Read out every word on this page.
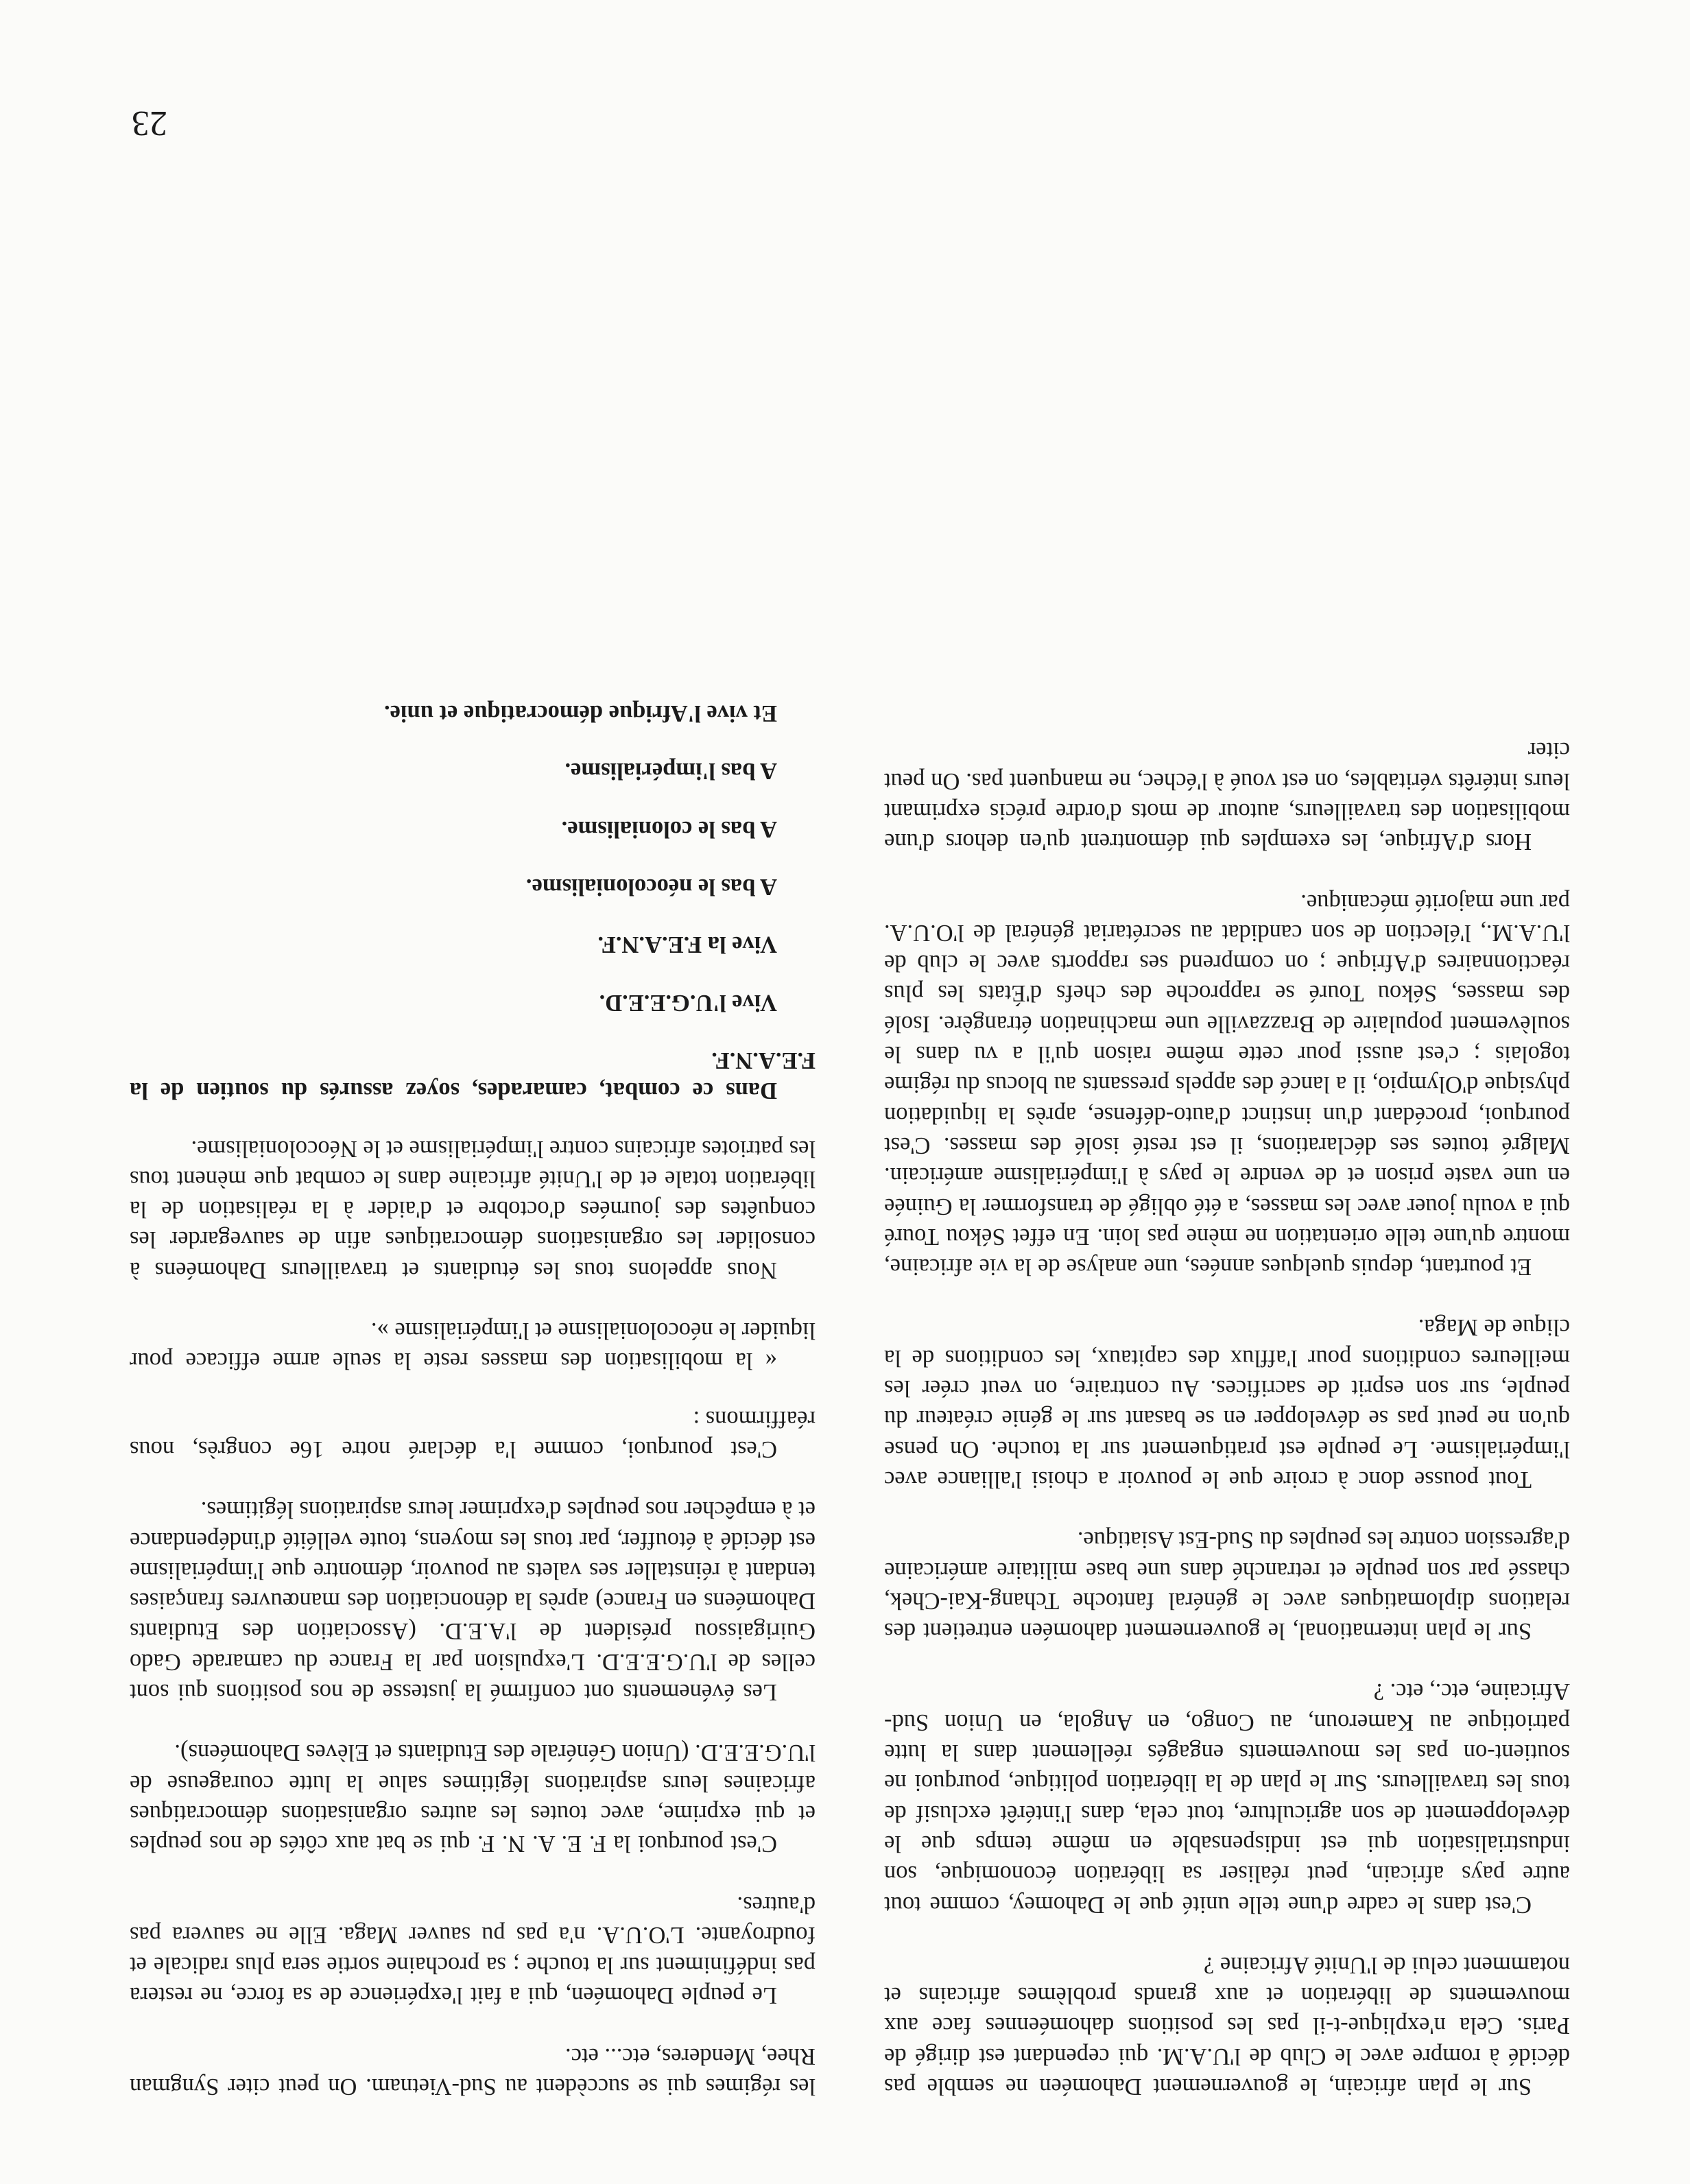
Sur le plan africain, le gouvernement Dahoméen ne semble pas décidé à rompre avec le Club de l'U.A.M. qui cependant est dirigé de Paris. Cela n'explique-t-il pas les positions dahoméennes face aux mouvements de libération et aux grands problèmes africains et notamment celui de l'Unité Africaine ?

C'est dans le cadre d'une telle unité que le Dahomey, comme tout autre pays africain, peut réaliser sa libération économique, son industrialisation qui est indispensable en même temps que le développement de son agriculture, tout cela, dans l'intérêt exclusif de tous les travailleurs. Sur le plan de la libération politique, pourquoi ne soutient-on pas les mouvements engagés réellement dans la lutte patriotique au Kameroun, au Congo, en Angola, en Union Sud-Africaine, etc., etc. ?

Sur le plan international, le gouvernement dahoméen entretient des relations diplomatiques avec le général fantoche Tchang-Kai-Chek, chassé par son peuple et retranché dans une base militaire américaine d'agression contre les peuples du Sud-Est Asiatique.

Tout pousse donc à croire que le pouvoir a choisi l'alliance avec l'impérialisme. Le peuple est pratiquement sur la touche. On pense qu'on ne peut pas se développer en se basant sur le génie créateur du peuple, sur son esprit de sacrifices. Au contraire, on veut créer les meilleures conditions pour l'afflux des capitaux, les conditions de la clique de Maga.

Et pourtant, depuis quelques années, une analyse de la vie africaine, montre qu'une telle orientation ne mène pas loin. En effet Sékou Touré qui a voulu jouer avec les masses, a été obligé de transformer la Guinée en une vaste prison et de vendre le pays à l'impérialisme américain. Malgré toutes ses déclarations, il est resté isolé des masses. C'est pourquoi, procédant d'un instinct d'auto-défense, après la liquidation physique d'Olympio, il a lancé des appels pressants au blocus du régime togolais ; c'est aussi pour cette même raison qu'il a vu dans le soulèvement populaire de Brazzaville une machination étrangère. Isolé des masses, Sékou Touré se rapproche des chefs d'États les plus réactionnaires d'Afrique ; on comprend ses rapports avec le club de l'U.A.M., l'élection de son candidat au secrétariat général de l'O.U.A. par une majorité mécanique.

Hors d'Afrique, les exemples qui démontrent qu'en dehors d'une mobilisation des travailleurs, autour de mots d'ordre précis exprimant leurs intérêts véritables, on est voué à l'échec, ne manquent pas. On peut citer

les régimes qui se succèdent au Sud-Vietnam. On peut citer Syngman Rhee, Menderes, etc... etc.

Le peuple Dahoméen, qui a fait l'expérience de sa force, ne restera pas indéfiniment sur la touche ; sa prochaine sortie sera plus radicale et foudroyante. L'O.U.A. n'a pas pu sauver Maga. Elle ne sauvera pas d'autres.

C'est pourquoi la F. E. A. N. F. qui se bat aux côtés de nos peuples et qui exprime, avec toutes les autres organisations démocratiques africaines leurs aspirations légitimes salue la lutte courageuse de l'U.G.E.E.D. (Union Générale des Etudiants et Elèves Dahoméens).

Les événements ont confirmé la justesse de nos positions qui sont celles de l'U.G.E.E.D. L'expulsion par la France du camarade Gado Guirigaissou président de l'A.E.D. (Association des Etudiants Dahoméens en France) après la dénonciation des manœuvres françaises tendant à réinstaller ses valets au pouvoir, démontre que l'impérialisme est décidé à étouffer, par tous les moyens, toute velléité d'indépendance et à empêcher nos peuples d'exprimer leurs aspirations légitimes.

C'est pourquoi, comme l'a déclaré notre 16e congrès, nous réaffirmons :

« la mobilisation des masses reste la seule arme efficace pour liquider le néocolonialisme et l'impérialisme ».

Nous appelons tous les étudiants et travailleurs Dahoméens à consolider les organisations démocratiques afin de sauvegarder les conquêtes des journées d'octobre et d'aider à la réalisation de la libération totale et de l'Unité africaine dans le combat que mènent tous les patriotes africains contre l'impérialisme et le Néocolonialisme.

Dans ce combat, camarades, soyez assurés du soutien de la F.E.A.N.F.

Vive l'U.G.E.E.D.

Vive la F.E.A.N.F.

A bas le néocolonialisme.

A bas le colonialisme.

A bas l'impérialisme.

Et vive l'Afrique démocratique et unie.

23
